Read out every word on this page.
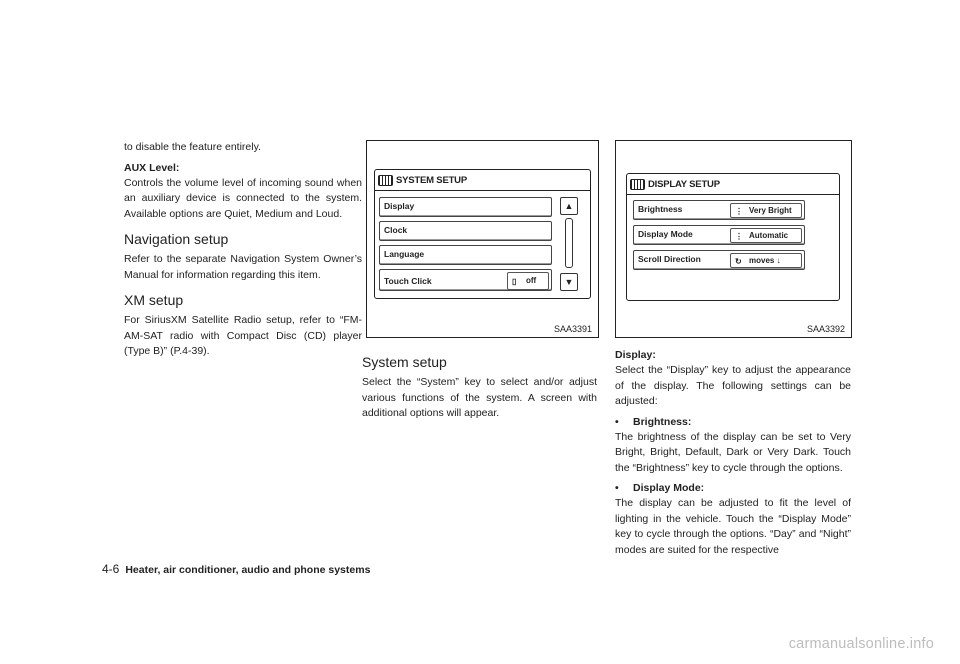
to disable the feature entirely.

AUX Level:

Controls the volume level of incoming sound when an auxiliary device is connected to the system. Available options are Quiet, Medium and Loud.

Navigation setup

Refer to the separate Navigation System Owner’s Manual for information regarding this item.

XM setup

For SiriusXM Satellite Radio setup, refer to “FM-AM-SAT radio with Compact Disc (CD) player (Type B)” (P.4-39).

SYSTEM SETUP
Display
Clock
Language
Touch Click	▯ off
▲
▼
SAA3391
System setup

Select the “System” key to select and/or adjust various functions of the system. A screen with additional options will appear.

DISPLAY SETUP
Brightness	⋮ Very Bright
Display Mode	⋮ Automatic
Scroll Direction	↻ moves ↓
SAA3392
Display:

Select the “Display” key to adjust the appearance of the display. The following settings can be adjusted:

• Brightness:

The brightness of the display can be set to Very Bright, Bright, Default, Dark or Very Dark. Touch the “Brightness” key to cycle through the options.

• Display Mode:

The display can be adjusted to fit the level of lighting in the vehicle. Touch the “Display Mode” key to cycle through the options. “Day” and “Night” modes are suited for the respective

4-6 Heater, air conditioner, audio and phone systems
carmanualsonline.info
